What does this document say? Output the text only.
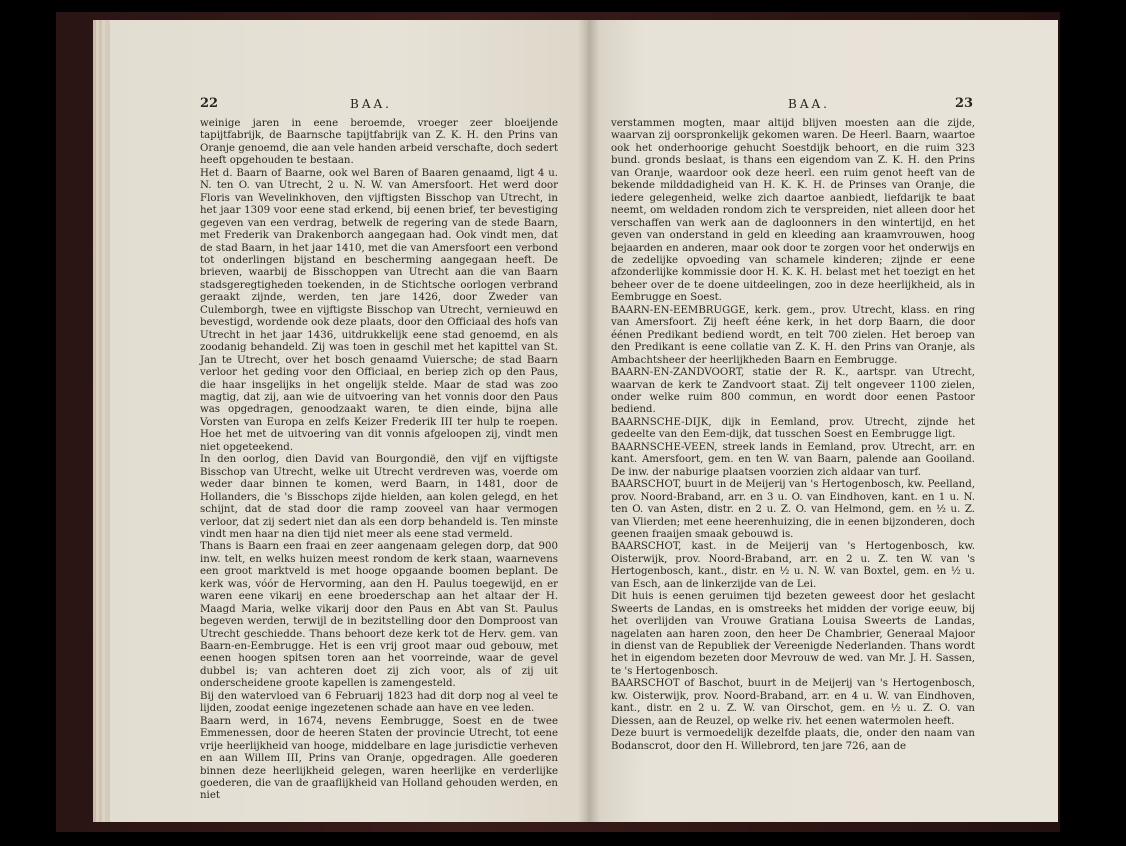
22	BAA.

weinige jaren in eene beroemde, vroeger zeer bloeijende tapijtfabrijk, de Baarnsche tapijtfabrijk van Z. K. H. den Prins van Oranje genoemd, die aan vele handen arbeid verschafte, doch sedert heeft opgehouden te bestaan.

Het d. Baarn of Baarne, ook wel Baren of Baaren genaamd, ligt 4 u. N. ten O. van Utrecht, 2 u. N. W. van Amersfoort. Het werd door Floris van Wevelinkhoven, den vijftigsten Bisschop van Utrecht, in het jaar 1309 voor eene stad erkend, bij eenen brief, ter bevestiging gegeven van een verdrag, betwelk de regering van de stede Baarn, met Frederik van Drakenborch aangegaan had. Ook vindt men, dat de stad Baarn, in het jaar 1410, met die van Amersfoort een verbond tot onderlingen bijstand en bescherming aangegaan heeft. De brieven, waarbij de Bisschoppen van Utrecht aan die van Baarn stadsgeregtigheden toekenden, in de Stichtsche oorlogen verbrand geraakt zijnde, werden, ten jare 1426, door Zweder van Culemborgh, twee en vijftigste Bisschop van Utrecht, vernieuwd en bevestigd, wordende ook deze plaats, door den Officiaal des hofs van Utrecht in het jaar 1436, uitdrukkelijk eene stad genoemd, en als zoodanig behandeld. Zij was toen in geschil met het kapittel van St. Jan te Utrecht, over het bosch genaamd Vuiersche; de stad Baarn verloor het geding voor den Officiaal, en beriep zich op den Paus, die haar insgelijks in het ongelijk stelde. Maar de stad was zoo magtig, dat zij, aan wie de uitvoering van het vonnis door den Paus was opgedragen, genoodzaakt waren, te dien einde, bijna alle Vorsten van Europa en zelfs Keizer Frederik III ter hulp te roepen. Hoe het met de uitvoering van dit vonnis afgeloopen zij, vindt men niet opgeteekend.

In den oorlog, dien David van Bourgondië, den vijf en vijftigste Bisschop van Utrecht, welke uit Utrecht verdreven was, voerde om weder daar binnen te komen, werd Baarn, in 1481, door de Hollanders, die 's Bisschops zijde hielden, aan kolen gelegd, en het schijnt, dat de stad door die ramp zooveel van haar vermogen verloor, dat zij sedert niet dan als een dorp behandeld is. Ten minste vindt men haar na dien tijd niet meer als eene stad vermeld.

Thans is Baarn een fraai en zeer aangenaam gelegen dorp, dat 900 inw. telt, en welks huizen meest rondom de kerk staan, waarnevens een groot marktveld is met hooge opgaande boomen beplant. De kerk was, vóór de Hervorming, aan den H. Paulus toegewijd, en er waren eene vikarij en eene broederschap aan het altaar der H. Maagd Maria, welke vikarij door den Paus en Abt van St. Paulus begeven werden, terwijl de in bezitstelling door den Domproost van Utrecht geschiedde. Thans behoort deze kerk tot de Herv. gem. van Baarn-en-Eembrugge. Het is een vrij groot maar oud gebouw, met eenen hoogen spitsen toren aan het voorreinde, waar de gevel dubbel is; van achteren doet zij zich voor, als of zij uit onderscheidene groote kapellen is zamengesteld.

Bij den watervloed van 6 Februarij 1823 had dit dorp nog al veel te lijden, zoodat eenige ingezetenen schade aan have en vee leden.

Baarn werd, in 1674, nevens Eembrugge, Soest en de twee Emmenessen, door de heeren Staten der provincie Utrecht, tot eene vrije heerlijkheid van hooge, middelbare en lage jurisdictie verheven en aan Willem III, Prins van Oranje, opgedragen. Alle goederen binnen deze heerlijkheid gelegen, waren heerlijke en verderlijke goederen, die van de graaflijkheid van Holland gehouden werden, en niet

BAA.	23

verstammen mogten, maar altijd blijven moesten aan die zijde, waarvan zij oorspronkelijk gekomen waren. De Heerl. Baarn, waartoe ook het onderhoorige gehucht Soestdijk behoort, en die ruim 323 bund. gronds beslaat, is thans een eigendom van Z. K. H. den Prins van Oranje, waardoor ook deze heerl. een ruim genot heeft van de bekende milddadigheid van H. K. K. H. de Prinses van Oranje, die iedere gelegenheid, welke zich daartoe aanbiedt, liefdarijk te baat neemt, om weldaden rondom zich te verspreiden, niet alleen door het verschaffen van werk aan de dagloonners in den wintertijd, en het geven van onderstand in geld en kleeding aan kraamvrouwen, hoog bejaarden en anderen, maar ook door te zorgen voor het onderwijs en de zedelijke opvoeding van schamele kinderen; zijnde er eene afzonderlijke kommissie door H. K. K. H. belast met het toezigt en het beheer over de te doene uitdeelingen, zoo in deze heerlijkheid, als in Eembrugge en Soest.

BAARN-EN-EEMBRUGGE, kerk. gem., prov. Utrecht, klass. en ring van Amersfoort. Zij heeft ééne kerk, in het dorp Baarn, die door éénen Predikant bediend wordt, en telt 700 zielen. Het beroep van den Predikant is eene collatie van Z. K. H. den Prins van Oranje, als Ambachtsheer der heerlijkheden Baarn en Eembrugge.

BAARN-EN-ZANDVOORT, statie der R. K., aartspr. van Utrecht, waarvan de kerk te Zandvoort staat. Zij telt ongeveer 1100 zielen, onder welke ruim 800 commun, en wordt door eenen Pastoor bediend.

BAARNSCHE-DIJK, dijk in Eemland, prov. Utrecht, zijnde het gedeelte van den Eem-dijk, dat tusschen Soest en Eembrugge ligt.

BAARNSCHE-VEEN, streek lands in Eemland, prov. Utrecht, arr. en kant. Amersfoort, gem. en ten W. van Baarn, palende aan Gooiland. De inw. der naburige plaatsen voorzien zich aldaar van turf.

BAARSCHOT, buurt in de Meijerij van 's Hertogenbosch, kw. Peelland, prov. Noord-Braband, arr. en 3 u. O. van Eindhoven, kant. en 1 u. N. ten O. van Asten, distr. en 2 u. Z. O. van Helmond, gem. en ½ u. Z. van Vlierden; met eene heerenhuizing, die in eenen bijzonderen, doch geenen fraaijen smaak gebouwd is.

BAARSCHOT, kast. in de Meijerij van 's Hertogenbosch, kw. Oisterwijk, prov. Noord-Braband, arr. en 2 u. Z. ten W. van 's Hertogenbosch, kant., distr. en ½ u. N. W. van Boxtel, gem. en ½ u. van Esch, aan de linkerzijde van de Lei.

Dit huis is eenen geruimen tijd bezeten geweest door het geslacht Sweerts de Landas, en is omstreeks het midden der vorige eeuw, bij het overlijden van Vrouwe Gratiana Louisa Sweerts de Landas, nagelaten aan haren zoon, den heer De Chambrier, Generaal Majoor in dienst van de Republiek der Vereenigde Nederlanden. Thans wordt het in eigendom bezeten door Mevrouw de wed. van Mr. J. H. Sassen, te 's Hertogenbosch.

BAARSCHOT of Baschot, buurt in de Meijerij van 's Hertogenbosch, kw. Oisterwijk, prov. Noord-Braband, arr. en 4 u. W. van Eindhoven, kant., distr. en 2 u. Z. W. van Oirschot, gem. en ½ u. Z. O. van Diessen, aan de Reuzel, op welke riv. het eenen watermolen heeft.

Deze buurt is vermoedelijk dezelfde plaats, die, onder den naam van Bodanscrot, door den H. Willebrord, ten jare 726, aan de
